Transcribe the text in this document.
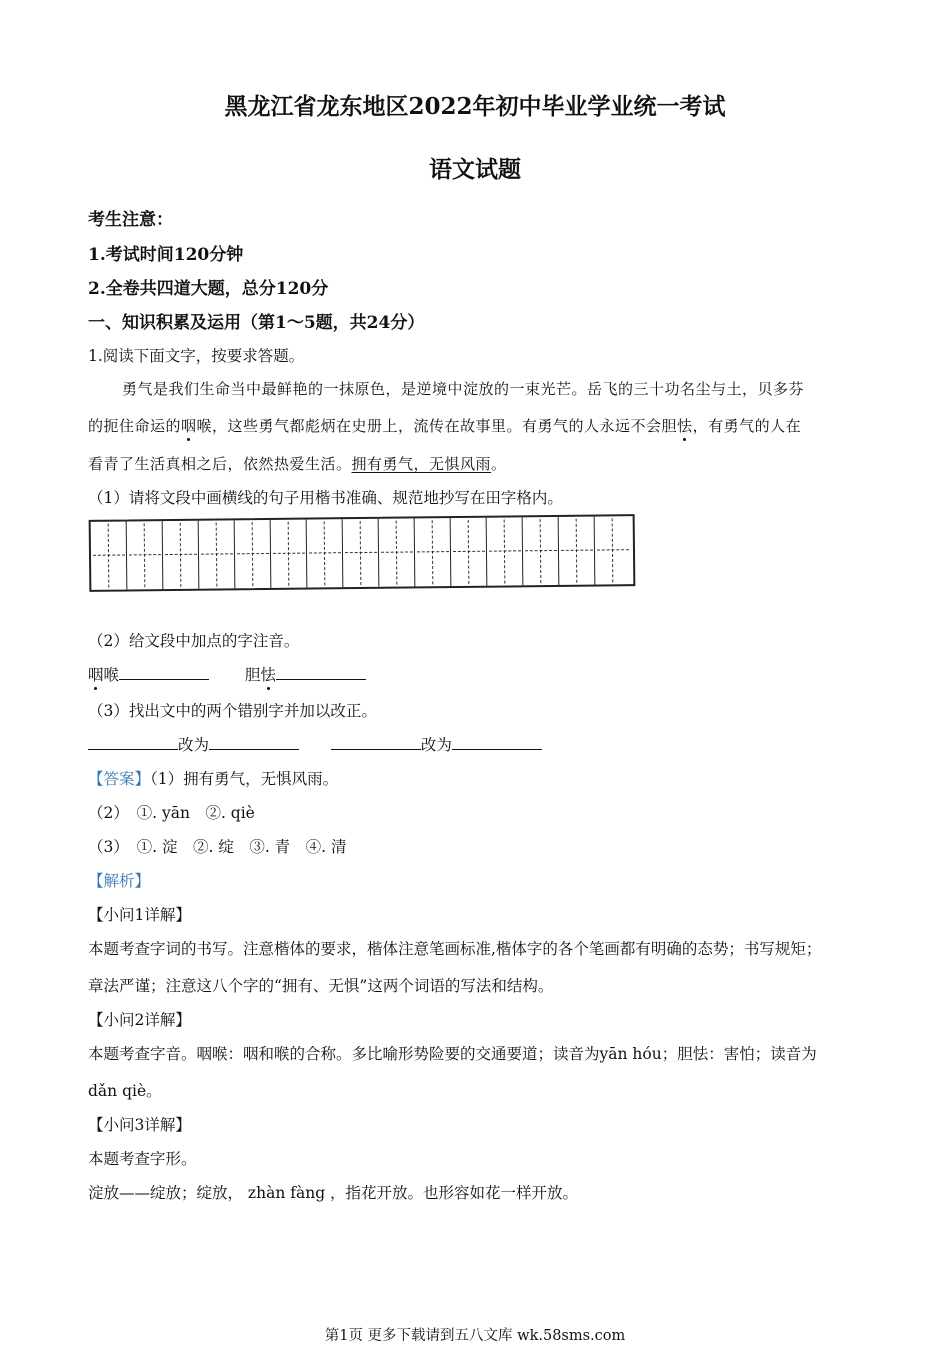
黑龙江省龙东地区2022年初中毕业学业统一考试
语文试题
考生注意：
1.考试时间120分钟
2.全卷共四道大题，总分120分
一、知识积累及运用（第1～5题，共24分）
1.阅读下面文字，按要求答题。
勇气是我们生命当中最鲜艳的一抹原色，是逆境中淀放的一束光芒。岳飞的三十功名尘与土，贝多芬
的扼住命运的咽喉，这些勇气都彪炳在史册上，流传在故事里。有勇气的人永远不会胆怯，有勇气的人在
看青了生活真相之后，依然热爱生活。拥有勇气，无惧风雨。
（1）请将文段中画横线的句子用楷书准确、规范地抄写在田字格内。
（2）给文段中加点的字注音。
咽喉	胆怯
（3）找出文中的两个错别字并加以改正。
改为	改为
【答案】（1）拥有勇气，无惧风雨。
（2）　①. yān　②. qiè
（3）　①. 淀　②. 绽　③. 青　④. 清
【解析】
【小问1详解】
本题考查字词的书写。注意楷体的要求，楷体注意笔画标准,楷体字的各个笔画都有明确的态势；书写规矩；
章法严谨；注意这八个字的“拥有、无惧”这两个词语的写法和结构。
【小问2详解】
本题考查字音。咽喉：咽和喉的合称。多比喻形势险要的交通要道；读音为yān hóu；胆怯：害怕；读音为
dǎn qiè。
【小问3详解】
本题考查字形。
淀放——绽放；绽放， zhàn fàng ，指花开放。也形容如花一样开放。
第1页 更多下载请到五八文库 wk.58sms.com
